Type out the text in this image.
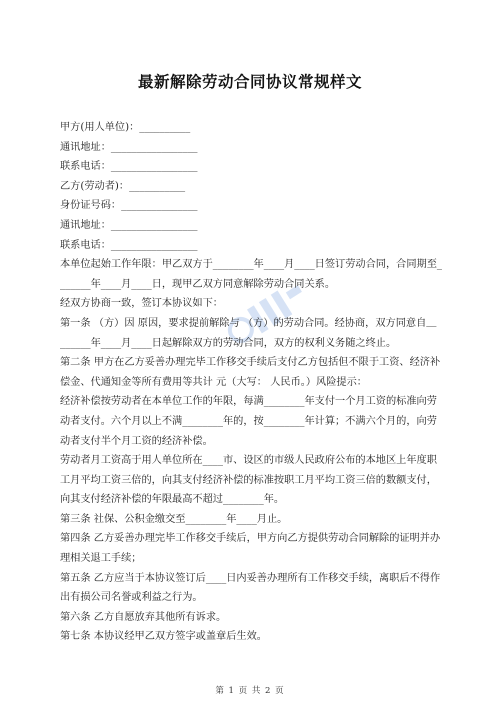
最新解除劳动合同协议常规样文
甲方(用人单位)：__________
通讯地址：_________________
联系电话：_________________
乙方(劳动者)：___________
身份证号码：_______________
通讯地址：_________________
联系电话：_________________
本单位起始工作年限：甲乙双方于________年____月____日签订劳动合同，合同期至_
______年____月____日，现甲乙双方同意解除劳动合同关系。
经双方协商一致，签订本协议如下：
第一条 （方）因 原因，要求提前解除与 （方）的劳动合同。经协商，双方同意自＿
______年____月____日起解除双方的劳动合同，双方的权利义务随之终止。
第二条 甲方在乙方妥善办理完毕工作移交手续后支付乙方包括但不限于工资、经济补
偿金、代通知金等所有费用等共计 元（大写： 人民币。）风险提示：
经济补偿按劳动者在本单位工作的年限，每满________年支付一个月工资的标准向劳
动者支付。六个月以上不满________年的，按________年计算；不满六个月的，向劳
动者支付半个月工资的经济补偿。
劳动者月工资高于用人单位所在____市、设区的市级人民政府公布的本地区上年度职
工月平均工资三倍的，向其支付经济补偿的标准按职工月平均工资三倍的数额支付，
向其支付经济补偿的年限最高不超过________年。
第三条 社保、公积金缴交至________年____月止。
第四条 乙方妥善办理完毕工作移交手续后，甲方向乙方提供劳动合同解除的证明并办
理相关退工手续；
第五条 乙方应当于本协议签订后____日内妥善办理所有工作移交手续，离职后不得作
出有损公司名誉或利益之行为。
第六条 乙方自愿放弃其他所有诉求。
第七条 本协议经甲乙双方签字或盖章后生效。
第 1 页 共 2 页
